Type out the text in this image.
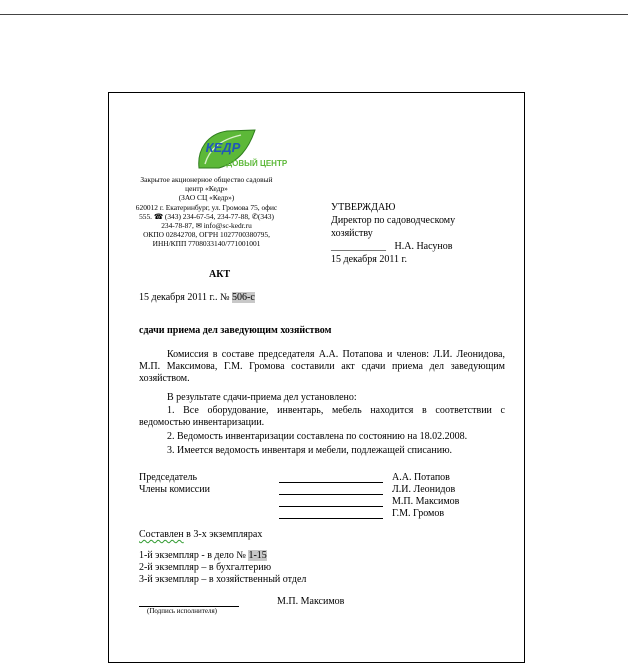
КЕДР
САДОВЫЙ ЦЕНТР
Закрытое акционерное общество садовый
центр «Кедр»
(ЗАО СЦ «Кедр»)
620012 г. Екатеринбург, ул. Громова 75, офис
555. ☎ (343) 234-67-54, 234-77-88, ✆(343)
234-78-87, ✉ info@sc-kedr.ru
ОКПО 02842708, ОГРН 1027700380795,
ИНН/КПП 7708033140/771001001
УТВЕРЖДАЮ
Директор по садоводческому
хозяйству
___________ Н.А. Насунов
15 декабря 2011 г.
АКТ
15 декабря 2011 г.. № 506-с
сдачи приема дел заведующим хозяйством
Комиссия в составе председателя А.А. Потапова и членов: Л.И. Леонидова, М.П. Максимова, Г.М. Громова составили акт сдачи приема дел заведующим хозяйством.
В результате сдачи-приема дел установлено:
1. Все оборудование, инвентарь, мебель находится в соответствии с ведомостью инвентаризации.
2. Ведомость инвентаризации составлена по состоянию на 18.02.2008.
3. Имеется ведомость инвентаря и мебели, подлежащей списанию.
Председатель
Члены комиссии
А.А. Потапов
Л.И. Леонидов
М.П. Максимов
Г.М. Громов
Составлен в 3-х экземплярах
1-й экземпляр - в дело № 1-15
2-й экземпляр – в бухгалтерию
3-й экземпляр – в хозяйственный отдел
М.П. Максимов
(Подпись исполнителя)
